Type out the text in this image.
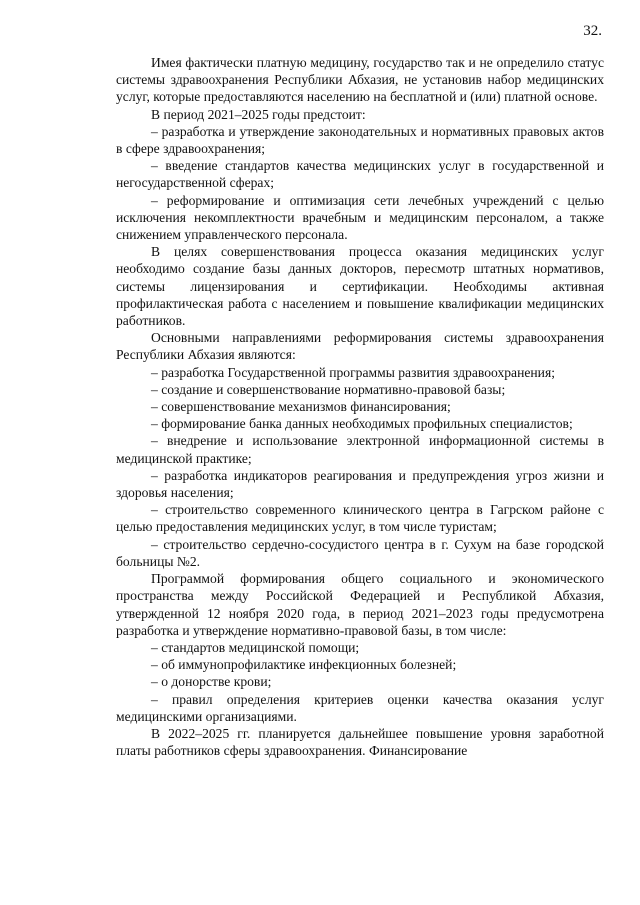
32.

Имея фактически платную медицину, государство так и не определило статус системы здравоохранения Республики Абхазия, не установив набор медицинских услуг, которые предоставляются населению на бесплатной и (или) платной основе.

В период 2021–2025 годы предстоит:

– разработка и утверждение законодательных и нормативных правовых актов в сфере здравоохранения;

– введение стандартов качества медицинских услуг в государственной и негосударственной сферах;

– реформирование и оптимизация сети лечебных учреждений с целью исключения некомплектности врачебным и медицинским персоналом, а также снижением управленческого персонала.

В целях совершенствования процесса оказания медицинских услуг необходимо создание базы данных докторов, пересмотр штатных нормативов, системы лицензирования и сертификации. Необходимы активная профилактическая работа с населением и повышение квалификации медицинских работников.

Основными направлениями реформирования системы здравоохранения Республики Абхазия являются:

– разработка Государственной программы развития здравоохранения;

– создание и совершенствование нормативно-правовой базы;

– совершенствование механизмов финансирования;

– формирование банка данных необходимых профильных специалистов;

– внедрение и использование электронной информационной системы в медицинской практике;

– разработка индикаторов реагирования и предупреждения угроз жизни и здоровья населения;

– строительство современного клинического центра в Гагрском районе с целью предоставления медицинских услуг, в том числе туристам;

– строительство сердечно-сосудистого центра в г. Сухум на базе городской больницы №2.

Программой формирования общего социального и экономического пространства между Российской Федерацией и Республикой Абхазия, утвержденной 12 ноября 2020 года, в период 2021–2023 годы предусмотрена разработка и утверждение нормативно-правовой базы, в том числе:

– стандартов медицинской помощи;

– об иммунопрофилактике инфекционных болезней;

– о донорстве крови;

– правил определения критериев оценки качества оказания услуг медицинскими организациями.

В 2022–2025 гг. планируется дальнейшее повышение уровня заработной платы работников сферы здравоохранения. Финансирование
